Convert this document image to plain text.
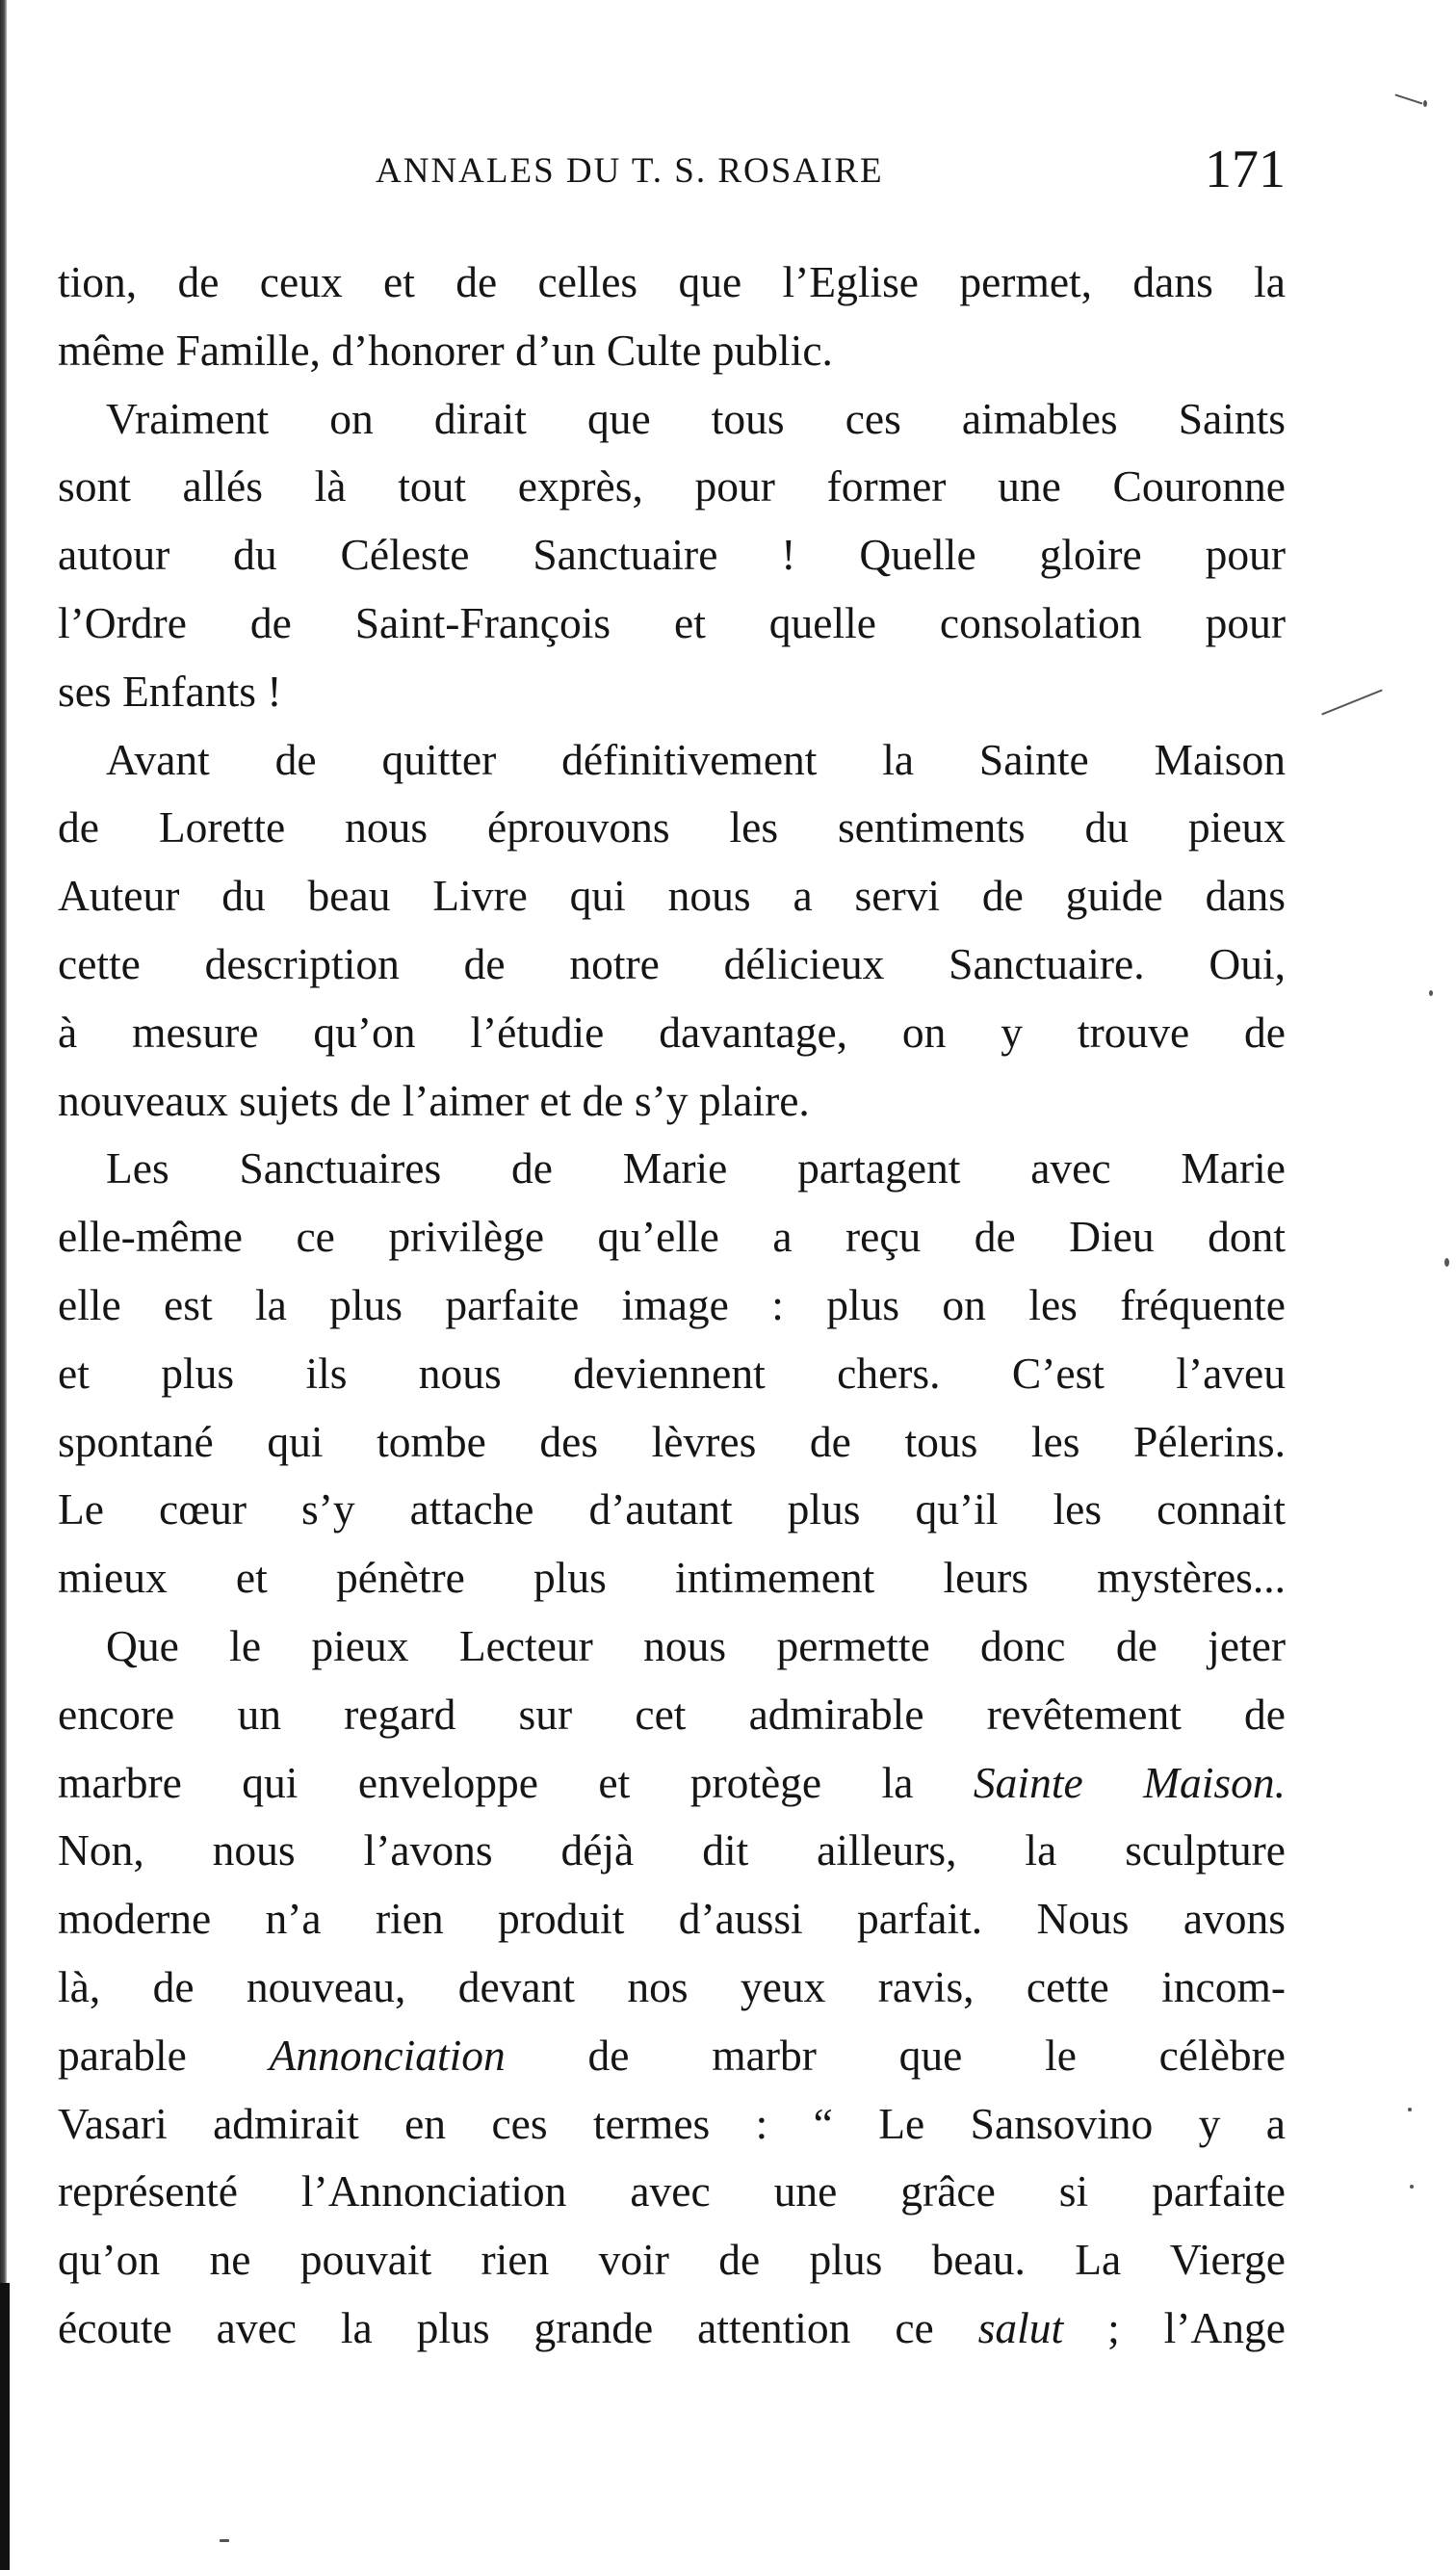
ANNALES DU T. S. ROSAIRE	171
tion, de ceux et de celles que l’Eglise permet, dans la
même Famille, d’honorer d’un Culte public.
Vraiment on dirait que tous ces aimables Saints
sont allés là tout exprès, pour former une Couronne
autour du Céleste Sanctuaire ! Quelle gloire pour
l’Ordre de Saint-François et quelle consolation pour
ses Enfants !
Avant de quitter définitivement la Sainte Maison
de Lorette nous éprouvons les sentiments du pieux
Auteur du beau Livre qui nous a servi de guide dans
cette description de notre délicieux Sanctuaire. Oui,
à mesure qu’on l’étudie davantage, on y trouve de
nouveaux sujets de l’aimer et de s’y plaire.
Les Sanctuaires de Marie partagent avec Marie
elle-même ce privilège qu’elle a reçu de Dieu dont
elle est la plus parfaite image : plus on les fréquente
et plus ils nous deviennent chers. C’est l’aveu
spontané qui tombe des lèvres de tous les Pélerins.
Le cœur s’y attache d’autant plus qu’il les connait
mieux et pénètre plus intimement leurs mystères...
Que le pieux Lecteur nous permette donc de jeter
encore un regard sur cet admirable revêtement de
marbre qui enveloppe et protège la Sainte Maison.
Non, nous l’avons déjà dit ailleurs, la sculpture
moderne n’a rien produit d’aussi parfait. Nous avons
là, de nouveau, devant nos yeux ravis, cette incom-
parable Annonciation de marbr que le célèbre
Vasari admirait en ces termes : “ Le Sansovino y a
représenté l’Annonciation avec une grâce si parfaite
qu’on ne pouvait rien voir de plus beau. La Vierge
écoute avec la plus grande attention ce salut ; l’Ange
